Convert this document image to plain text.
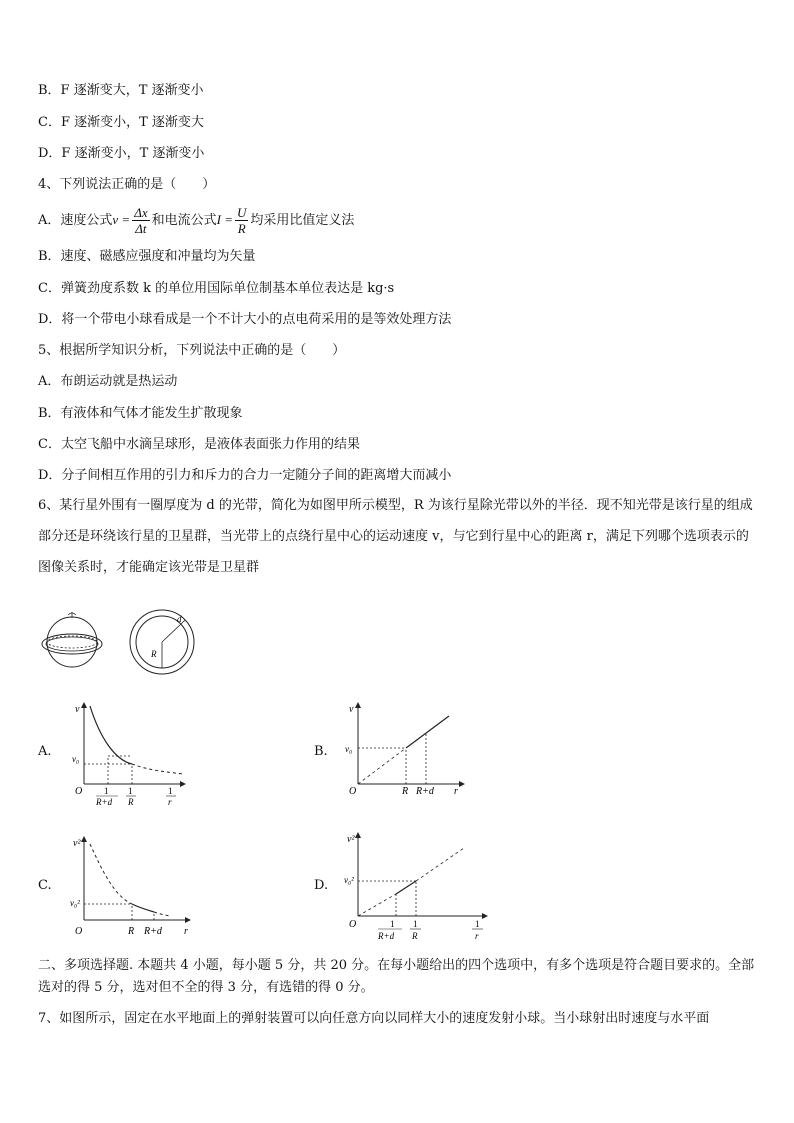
B．F 逐渐变大，T 逐渐变小
C．F 逐渐变小，T 逐渐变大
D．F 逐渐变小，T 逐渐变小
4、下列说法正确的是（　　）
A．速度公式$v = \frac{\Delta x}{\Delta t}$ 和电流公式$I = \frac{U}{R}$ 均采用比值定义法
B．速度、磁感应强度和冲量均为矢量
C．弹簧劲度系数 k 的单位用国际单位制基本单位表达是 kg·s
D．将一个带电小球看成是一个不计大小的点电荷采用的是等效处理方法
5、根据所学知识分析，下列说法中正确的是（　　）
A．布朗运动就是热运动
B．有液体和气体才能发生扩散现象
C．太空飞船中水滴呈球形，是液体表面张力作用的结果
D．分子间相互作用的引力和斥力的合力一定随分子间的距离增大而减小
6、某行星外围有一圈厚度为 d 的光带，简化为如图甲所示模型，R 为该行星除光带以外的半径．现不知光带是该行星的组成部分还是环绕该行星的卫星群，当光带上的点绕行星中心的运动速度 v，与它到行星中心的距离 r，满足下列哪个选项表示的图像关系时，才能确定该光带是卫星群
d
R
A.	B.
C.	D.
v
v₀
O 1
R+d
1
R
1
r
v
v₀
O	R R+d r
v²
v₀²
O	R R+d r
v²
v₀²
O	1
R+d
1
R
1
r
二、多项选择题. 本题共 4 小题，每小题 5 分，共 20 分。在每小题给出的四个选项中，有多个选项是符合题目要求的。全部选对的得 5 分，选对但不全的得 3 分，有选错的得 0 分。
7、如图所示，固定在水平地面上的弹射装置可以向任意方向以同样大小的速度发射小球。当小球射出时速度与水平面
